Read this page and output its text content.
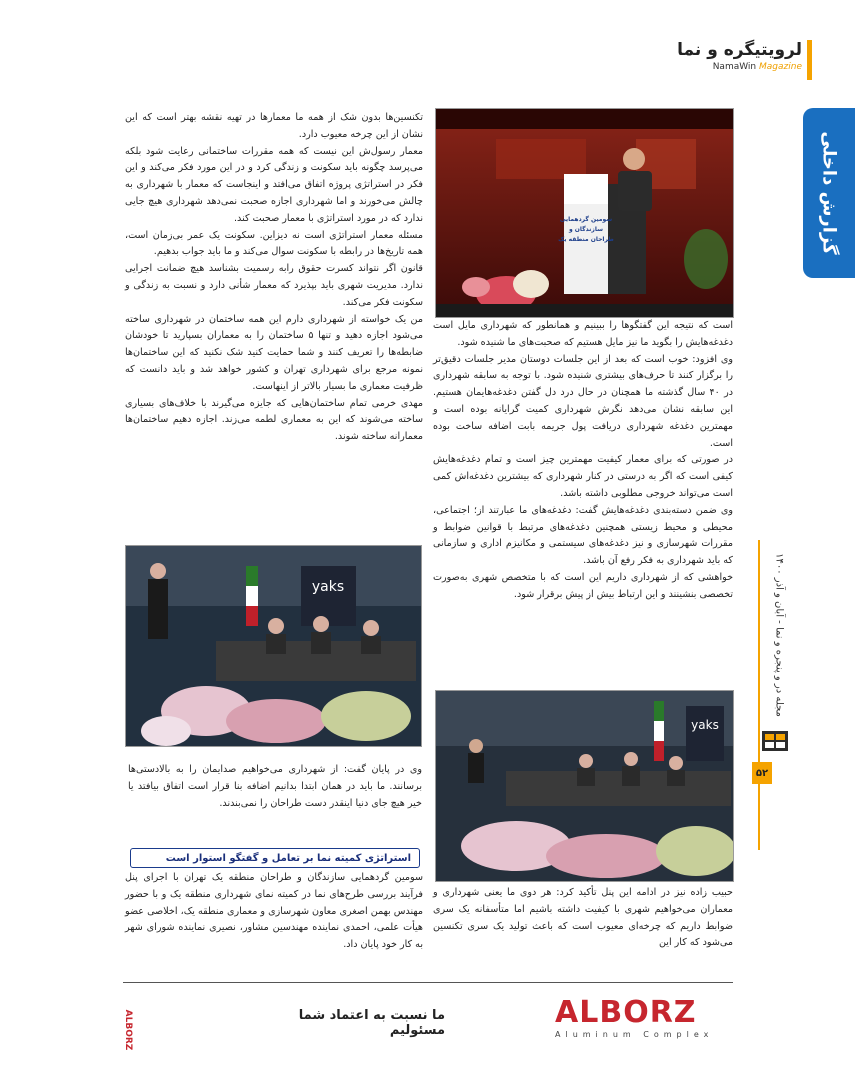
لرویتیگره و نما
NamaWin Magazine
گزارش داخلی
مجله در و پنجره و نما - آبان و آذر ۱۴۰۰
۵۲
سومین گردهمایی
سازندگان و
طراحان منطقه یک

تکنسین‌ها بدون شک از همه ما معمارها در تهیه نقشه بهتر است که این نشان از این چرخه معیوب دارد.

معمار رسول‌ش این نیست که همه مقررات ساختمانی رعایت شود بلکه می‌پرسد چگونه باید سکونت و زندگی کرد و در این مورد فکر می‌کند و این فکر در استراتژی پروژه اتفاق می‌افتد و اینجاست که معمار با شهرداری به چالش می‌خورند و اما شهرداری اجازه صحبت نمی‌دهد شهرداری هیچ جایی ندارد که در مورد استراتژی با معمار صحبت کند.

مسئله معمار استراتژی است نه دیزاین. سکونت یک عمر بی‌زمان است، همه تاریخ‌ها در رابطه با سکونت سوال می‌کند و ما باید جواب بدهیم.

قانون اگر نتواند کسرت حقوق رابه رسمیت بشناسد هیچ ضمانت اجرایی ندارد. مدیریت شهری باید بپذیرد که معمار شأنی دارد و نسبت به زندگی و سکونت فکر می‌کند.

من یک خواسته از شهرداری دارم این همه ساختمان در شهرداری ساخته می‌شود اجازه دهید و تنها ۵ ساختمان را به معماران بسپارید تا خودشان ضابطه‌ها را تعریف کنند و شما حمایت کنید شک نکنید که این ساختمان‌ها نمونه مرجع برای شهرداری تهران و کشور خواهد شد و باید دانست که ظرفیت معماری ما بسیار بالاتر از اینهاست.

مهدی خرمی تمام ساختمان‌هایی که جایزه می‌گیرند با خلاف‌های بسیاری ساخته می‌شوند که این به معماری لطمه می‌زند. اجازه دهیم ساختمان‌ها معمارانه ساخته شوند.

است که نتیجه این گفتگوها را ببینیم و همانطور که شهرداری مایل است دغدغه‌هایش را بگوید ما نیز مایل هستیم که صحبت‌های ما شنیده شود.

وی افزود: خوب است که بعد از این جلسات دوستان مدیر جلسات دقیق‌تر را برگزار کنند تا حرف‌های بیشتری شنیده شود. با توجه به سابقه شهرداری در ۴۰ سال گذشته ما همچنان در حال درد دل گفتن دغدغه‌هایمان هستیم. این سابقه نشان می‌دهد نگرش شهرداری کمیت گرایانه بوده است و مهمترین دغدغه شهرداری دریافت پول جریمه بابت اضافه ساخت بوده است.

در صورتی که برای معمار کیفیت مهمترین چیز است و تمام دغدغه‌هایش کیفی است که اگر به درستی در کنار شهرداری که بیشترین دغدغه‌اش کمی است می‌تواند خروجی مطلوبی داشته باشد.

وی ضمن دسته‌بندی دغدغه‌هایش گفت: دغدغه‌های ما عبارتند از؛ اجتماعی، محیطی و محیط زیستی همچنین دغدغه‌های مرتبط با قوانین ضوابط و مقررات شهرسازی و نیز دغدغه‌های سیستمی و مکانیزم اداری و سازمانی که باید شهرداری به فکر رفع آن باشد.

خواهشی که از شهرداری داریم این است که با متخصص شهری به‌صورت تخصصی بنشینند و این ارتباط بیش از پیش برقرار شود.

yaks

وی در پایان گفت: از شهرداری می‌خواهیم صدایمان را به بالادستی‌ها برسانند. ما باید در همان ابتدا بدانیم اضافه بنا قرار است اتفاق بیافتد یا خیر هیچ جای دنیا اینقدر دست طراحان را نمی‌بندند.

استراتژی کمیته نما بر تعامل و گفتگو استوار است

سومین گردهمایی سازندگان و طراحان منطقه یک تهران با اجرای پنل فرآیند بررسی طرح‌های نما در کمیته نمای شهرداری منطقه یک و با حضور مهندس بهمن اصغری معاون شهرسازی و معماری منطقه یک، اخلاصی عضو هیأت علمی، احمدی نماینده مهندسین مشاور، نصیری نماینده شورای شهر به کار خود پایان داد.

yaks

حبیب زاده نیز در ادامه این پنل تأکید کرد: هر دوی ما یعنی شهرداری و معماران می‌خواهیم شهری با کیفیت داشته باشیم اما متأسفانه یک سری ضوابط داریم که چرخه‌ای معیوب است که باعث تولید یک سری تکنسین می‌شود که کار این

ALBORZ	ما نسبت به اعتماد شما مسئولیم
ALBORZ
Aluminum Complex
